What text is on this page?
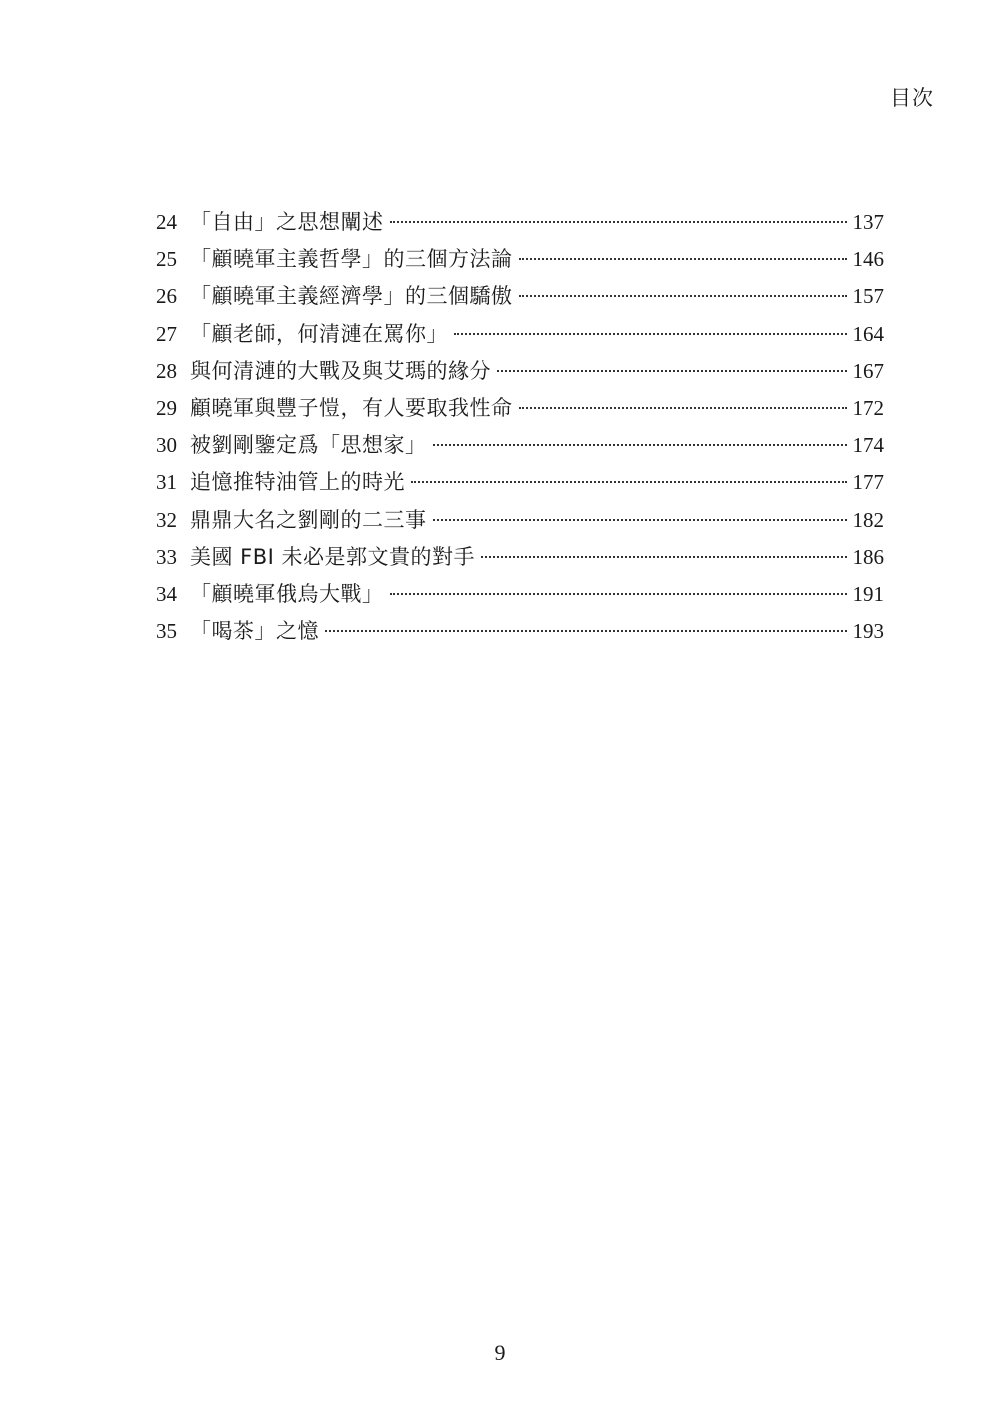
目次
24 「自由」之思想闡述	137
25 「顧曉軍主義哲學」的三個方法論	146
26 「顧曉軍主義經濟學」的三個驕傲	157
27 「顧老師，何清漣在罵你」	164
28 與何清漣的大戰及與艾瑪的緣分	167
29 顧曉軍與豐子愷，有人要取我性命	172
30 被劉剛鑒定爲「思想家」	174
31 追憶推特油管上的時光	177
32 鼎鼎大名之劉剛的二三事	182
33 美國 FBI 未必是郭文貴的對手	186
34 「顧曉軍俄烏大戰」	191
35 「喝茶」之憶	193
9
